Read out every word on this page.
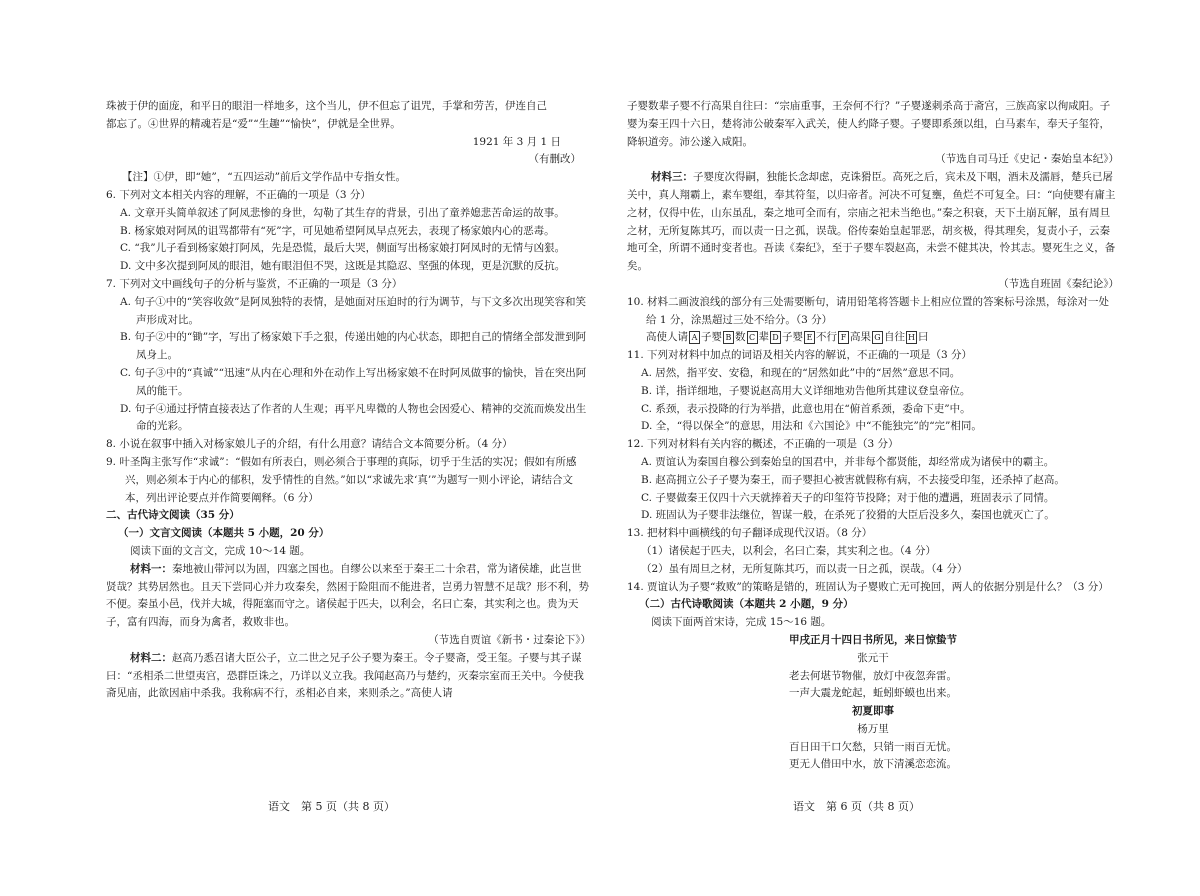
珠被于伊的面庞，和平日的眼泪一样地多，这个当儿，伊不但忘了诅咒，手掌和劳苦，伊连自己

都忘了。④世界的精魂若是“爱”“生趣”“愉快”，伊就是全世界。

1921 年 3 月 1 日

（有删改）

【注】①伊，即“她”，“五四运动”前后文学作品中专指女性。

6. 下列对文本相关内容的理解，不正确的一项是（3 分）

A. 文章开头简单叙述了阿凤悲惨的身世，勾勒了其生存的背景，引出了童养媳悲苦命运的故事。

B. 杨家娘对阿凤的诅骂都带有“死”字，可见她希望阿凤早点死去，表现了杨家娘内心的恶毒。

C. “我”儿子看到杨家娘打阿凤，先是恐慌，最后大哭，侧面写出杨家娘打阿凤时的无情与凶狠。

D. 文中多次提到阿凤的眼泪，她有眼泪但不哭，这既是其隐忍、坚强的体现，更是沉默的反抗。

7. 下列对文中画线句子的分析与鉴赏，不正确的一项是（3 分）

A. 句子①中的“笑容收敛”是阿凤独特的表情，是她面对压迫时的行为调节，与下文多次出现笑容和笑声形成对比。

B. 句子②中的“锄”字，写出了杨家娘下手之狠，传递出她的内心状态，即把自己的情绪全部发泄到阿凤身上。

C. 句子③中的“真诚”“迅速”从内在心理和外在动作上写出杨家娘不在时阿凤做事的愉快，旨在突出阿凤的能干。

D. 句子④通过抒情直接表达了作者的人生观；再平凡卑微的人物也会因爱心、精神的交流而焕发出生命的光彩。

8. 小说在叙事中插入对杨家娘儿子的介绍，有什么用意？请结合文本简要分析。（4 分）

9. 叶圣陶主张写作“求诚”：“假如有所表白，则必须合于事理的真际，切乎于生活的实况；假如有所感兴，则必须本于内心的郁积，发乎情性的自然。”如以“求诚先求‘真’”为题写一则小评论，请结合文本，列出评论要点并作简要阐释。（6 分）

二、古代诗文阅读（35 分）

（一）文言文阅读（本题共 5 小题，20 分）

阅读下面的文言文，完成 10～14 题。

材料一：秦地被山带河以为固，四塞之国也。自缪公以来至于秦王二十余君，常为诸侯雄，此岂世贤哉？其势居然也。且天下尝同心并力攻秦矣，然困于险阻而不能进者，岂勇力智慧不足哉？形不利，势不便。秦虽小邑，伐并大城，得阨塞而守之。诸侯起于匹夫，以利会，名曰亡秦，其实利之也。贵为天子，富有四海，而身为禽者，救败非也。

（节选自贾谊《新书・过秦论下》）

材料二：赵高乃悉召诸大臣公子，立二世之兄子公子婴为秦王。令子婴斋，受王玺。子婴与其子谋曰：“丞相杀二世望夷宫，恐群臣诛之，乃详以义立我。我闻赵高乃与楚约，灭秦宗室而王关中。今使我斋见庙，此欲因庙中杀我。我称病不行，丞相必自来，来则杀之。”高使人请

子婴数辈子婴不行高果自往曰：“宗庙重事，王奈何不行？”子婴遂刺杀高于斋宫，三族高家以徇咸阳。子婴为秦王四十六日，楚将沛公破秦军入武关，使人约降子婴。子婴即系颈以组，白马素车，奉天子玺符，降轵道旁。沛公遂入咸阳。

（节选自司马迁《史记・秦始皇本纪》）

材料三：子婴度次得嗣，独能长念却虑，克诛猾臣。高死之后，宾未及下咽，酒未及濡唇，楚兵已屠关中，真人翔霸上，素车婴组，奉其符玺，以归帝者。河决不可复壅，鱼烂不可复全。曰：“向使婴有庸主之材，仅得中佐，山东虽乱，秦之地可全而有，宗庙之祀未当绝也。”秦之积衰，天下土崩瓦解，虽有周旦之材，无所复陈其巧，而以责一日之孤，误哉。俗传秦始皇起罪恶，胡亥极，得其理矣，复责小子，云秦地可全，所谓不通时变者也。吾读《秦纪》，至于子婴车裂赵高，未尝不健其决，怜其志。婴死生之义，备矣。

（节选自班固《秦纪论》）

10. 材料二画波浪线的部分有三处需要断句，请用铅笔将答题卡上相应位置的答案标号涂黑，每涂对一处给 1 分，涂黑超过三处不给分。（3 分）

高使人请 A 子婴 B 数 C 辈 D 子婴 E 不行 F 高果 G 自往 H 曰

11. 下列对材料中加点的词语及相关内容的解说，不正确的一项是（3 分）

A. 居然，指平安、安稳，和现在的“居然如此”中的“居然”意思不同。

B. 详，指详细地，子婴说赵高用大义详细地劝告他所其建议登皇帝位。

C. 系颈，表示投降的行为举措，此意也用在“俯首系颈，委命下吏”中。

D. 全，“得以保全”的意思，用法和《六国论》中“不能独完”的“完”相同。

12. 下列对材料有关内容的概述，不正确的一项是（3 分）

A. 贾谊认为秦国自穆公到秦始皇的国君中，并非每个都贤能，却经常成为诸侯中的霸主。

B. 赵高拥立公子子婴为秦王，而子婴担心被害就假称有病，不去接受印玺，还杀掉了赵高。

C. 子婴做秦王仅四十六天就捧着天子的印玺符节投降；对于他的遭遇，班固表示了同情。

D. 班固认为子婴非法继位，智谋一般，在杀死了狡猾的大臣后没多久，秦国也就灭亡了。

13. 把材料中画横线的句子翻译成现代汉语。（8 分）

（1）诸侯起于匹夫，以利会，名曰亡秦，其实利之也。（4 分）

（2）虽有周旦之材，无所复陈其巧，而以责一日之孤，误哉。（4 分）

14. 贾谊认为子婴“救败”的策略是错的，班固认为子婴败亡无可挽回，两人的依据分别是什么？（3 分）

（二）古代诗歌阅读（本题共 2 小题，9 分）

阅读下面两首宋诗，完成 15～16 题。

甲戌正月十四日书所见，来日惊蛰节

张元干

老去何堪节物催，放灯中夜忽奔雷。

一声大震龙蛇起，蚯蚓虾蟆也出来。

初夏即事

杨万里

百日田干口欠愁，只销一雨百无忧。

更无人借田中水，放下清溪恋恋流。

语文　第 5 页（共 8 页）	语文　第 6 页（共 8 页）
